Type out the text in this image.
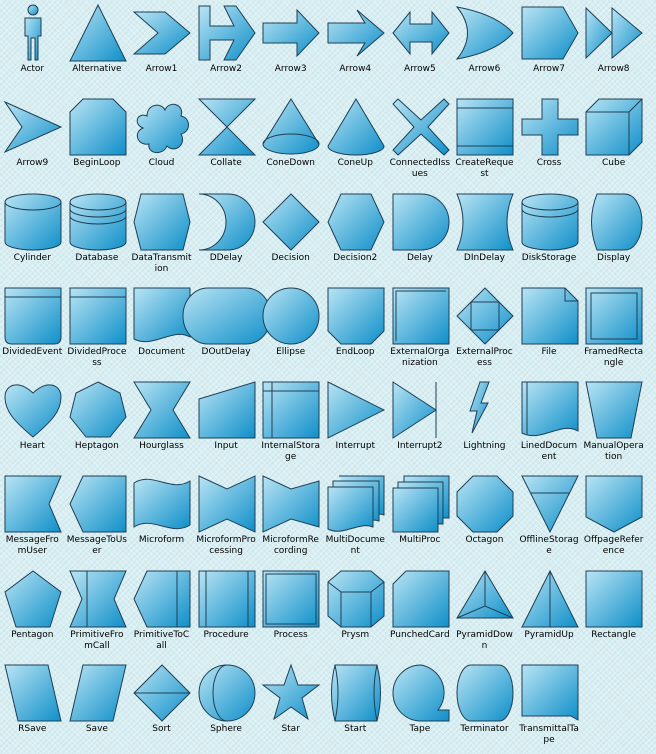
Actor	Alternative	Arrow1	Arrow2	Arrow3	Arrow4	Arrow5	Arrow6	Arrow7	Arrow8
Arrow9	BeginLoop	Cloud	Collate	ConeDown	ConeUp	ConnectedIssues
CreateRequest
Cross	Cube
Cylinder	Database	DataTransmition
DDelay	Decision	Decision2	Delay	DInDelay	DiskStorage	Display
DividedEvent DividedProcess
Document	DOutDelay	Ellipse	EndLoop	ExternalOrganization
ExternalProcess
File	FramedRectangle
Heart	Heptagon	Hourglass	Input	InternalStorage
Interrupt	Interrupt2	Lightning	LinedDocument
ManualOperation
MessageFromUser
MessageToUser
Microform	MicroformProcessing
MicroformRecording
MultiDocument
MultiProc	Octagon	OfflineStorage
OffpageReference
Pentagon	PrimitiveFromCall
PrimitiveToCall
Procedure	Process	Prysm	PunchedCard PyramidDown
PyramidUp	Rectangle
RSave	Save	Sort	Sphere	Star	Start	Tape	Terminator	TransmittalTape
